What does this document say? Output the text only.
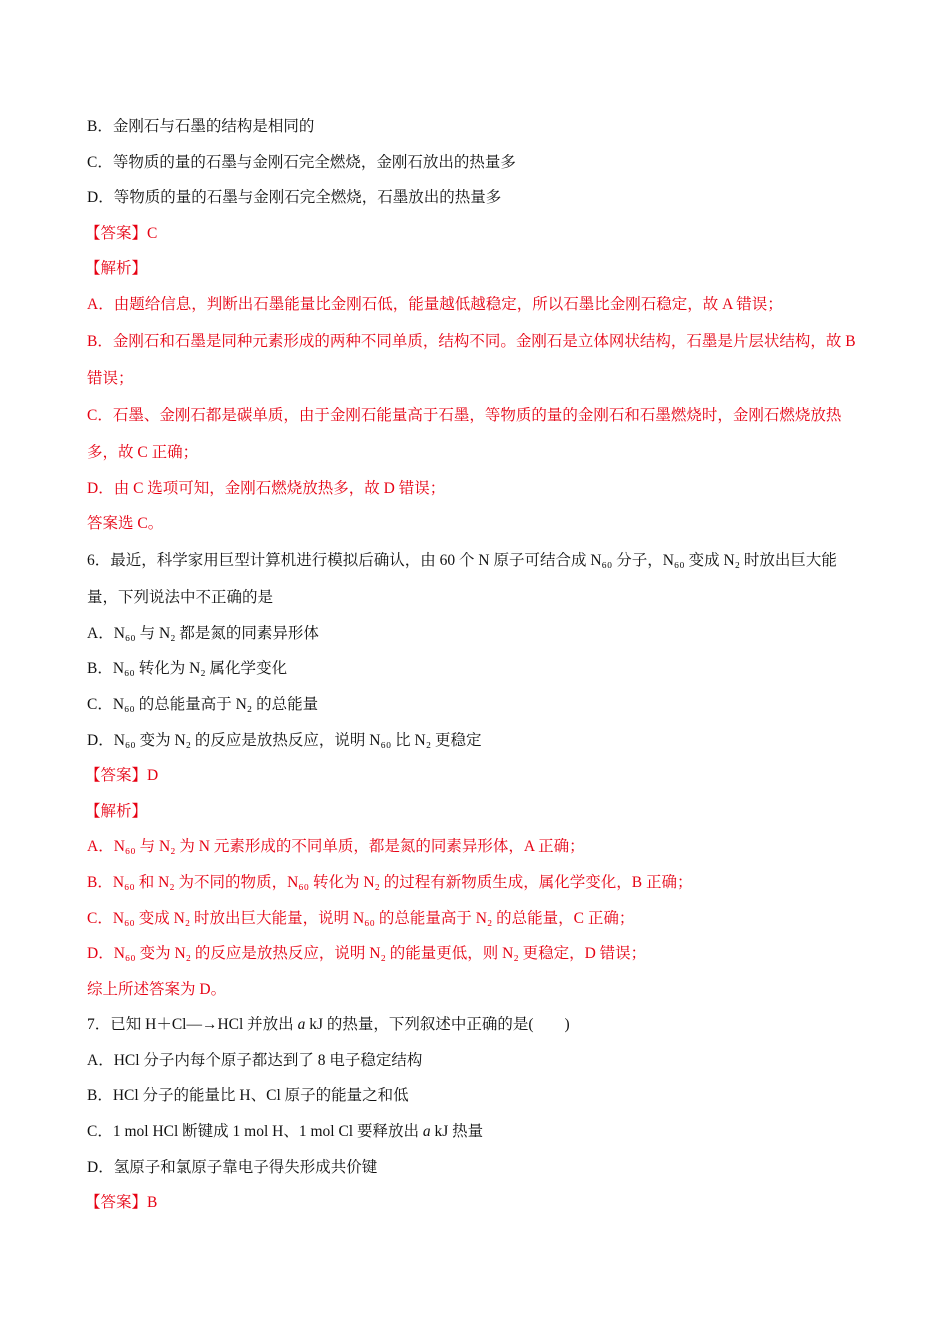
B．金刚石与石墨的结构是相同的

C．等物质的量的石墨与金刚石完全燃烧，金刚石放出的热量多

D．等物质的量的石墨与金刚石完全燃烧，石墨放出的热量多

【答案】C

【解析】

A．由题给信息，判断出石墨能量比金刚石低，能量越低越稳定，所以石墨比金刚石稳定，故 A 错误；

B．金刚石和石墨是同种元素形成的两种不同单质，结构不同。金刚石是立体网状结构，石墨是片层状结构，故 B 错误；

C．石墨、金刚石都是碳单质，由于金刚石能量高于石墨，等物质的量的金刚石和石墨燃烧时，金刚石燃烧放热多，故 C 正确；

D．由 C 选项可知，金刚石燃烧放热多，故 D 错误；

答案选 C。

6．最近，科学家用巨型计算机进行模拟后确认，由 60 个 N 原子可结合成 N₆₀ 分子，N₆₀ 变成 N₂ 时放出巨大能量，下列说法中不正确的是

A．N₆₀ 与 N₂ 都是氮的同素异形体

B．N₆₀ 转化为 N₂ 属化学变化

C．N₆₀ 的总能量高于 N₂ 的总能量

D．N₆₀ 变为 N₂ 的反应是放热反应，说明 N₆₀ 比 N₂ 更稳定

【答案】D

【解析】

A．N₆₀ 与 N₂ 为 N 元素形成的不同单质，都是氮的同素异形体，A 正确；

B．N₆₀ 和 N₂ 为不同的物质，N₆₀ 转化为 N₂ 的过程有新物质生成，属化学变化，B 正确；

C．N₆₀ 变成 N₂ 时放出巨大能量，说明 N₆₀ 的总能量高于 N₂ 的总能量，C 正确；

D．N₆₀ 变为 N₂ 的反应是放热反应，说明 N₂ 的能量更低，则 N₂ 更稳定，D 错误；

综上所述答案为 D。

7．已知 H＋Cl—→HCl 并放出 a kJ 的热量，下列叙述中正确的是(　　)

A．HCl 分子内每个原子都达到了 8 电子稳定结构

B．HCl 分子的能量比 H、Cl 原子的能量之和低

C．1 mol HCl 断键成 1 mol H、1 mol Cl 要释放出 a kJ 热量

D．氢原子和氯原子靠电子得失形成共价键

【答案】B
